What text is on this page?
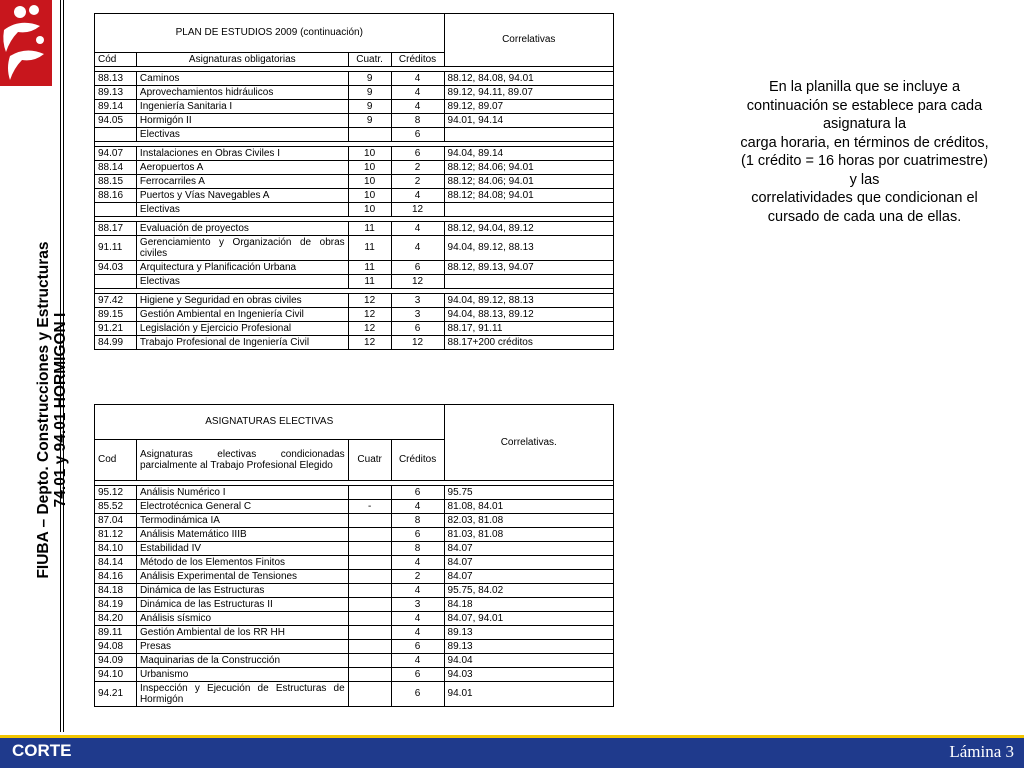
FIUBA – Depto. Construcciones y Estructuras 74.01 y 94.01 HORMIGON I
PLAN DE ESTUDIOS 2009 (continuación)				Correlativas
Cód	Asignaturas obligatorias	Cuatr.	Créditos	

88.13	Caminos	9	4	88.12, 84.08, 94.01
89.13	Aprovechamientos hidráulicos	9	4	89.12, 94.11, 89.07
89.14	Ingeniería Sanitaria I	9	4	89.12, 89.07
94.05	Hormigón II	9	8	94.01, 94.14
	Electivas		6	

94.07	Instalaciones en Obras Civiles I	10	6	94.04, 89.14
88.14	Aeropuertos A	10	2	88.12; 84.06; 94.01
88.15	Ferrocarriles A	10	2	88.12; 84.06; 94.01
88.16	Puertos y Vías Navegables A	10	4	88.12; 84.08; 94.01
	Electivas	10	12	

88.17	Evaluación de proyectos	11	4	88.12, 94.04, 89.12
91.11	Gerenciamiento y Organización de obras civiles	11	4	94.04, 89.12, 88.13
94.03	Arquitectura y Planificación Urbana	11	6	88.12, 89.13, 94.07
	Electivas	11	12	

97.42	Higiene y Seguridad en obras civiles	12	3	94.04, 89.12, 88.13
89.15	Gestión Ambiental en Ingeniería Civil	12	3	94.04, 88.13, 89.12
91.21	Legislación y Ejercicio Profesional	12	6	88.17, 91.11
84.99	Trabajo Profesional de Ingeniería Civil	12	12	88.17+200 créditos
ASIGNATURAS ELECTIVAS				Correlativas.
Cod	Asignaturas electivas condicionadas parcialmente al Trabajo Profesional Elegido	Cuatr	Créditos	

95.12	Análisis Numérico I		6	95.75
85.52	Electrotécnica General C	-	4	81.08, 84.01
87.04	Termodinámica IA		8	82.03, 81.08
81.12	Análisis Matemático IIIB		6	81.03, 81.08
84.10	Estabilidad IV		8	84.07
84.14	Método de los Elementos Finitos		4	84.07
84.16	Análisis Experimental de Tensiones		2	84.07
84.18	Dinámica de las Estructuras		4	95.75, 84.02
84.19	Dinámica de las Estructuras II		3	84.18
84.20	Análisis sísmico		4	84.07, 94.01
89.11	Gestión Ambiental de los RR HH		4	89.13
94.08	Presas		6	89.13
94.09	Maquinarias de la Construcción		4	94.04
94.10	Urbanismo		6	94.03
94.21	Inspección y Ejecución de Estructuras de Hormigón		6	94.01
En la planilla que se incluye a
continuación se establece para cada
asignatura la
carga horaria, en términos de créditos,
(1 crédito = 16 horas por cuatrimestre)
y las
correlatividades que condicionan el
cursado de cada una de ellas.
CORTE	Lámina 3
